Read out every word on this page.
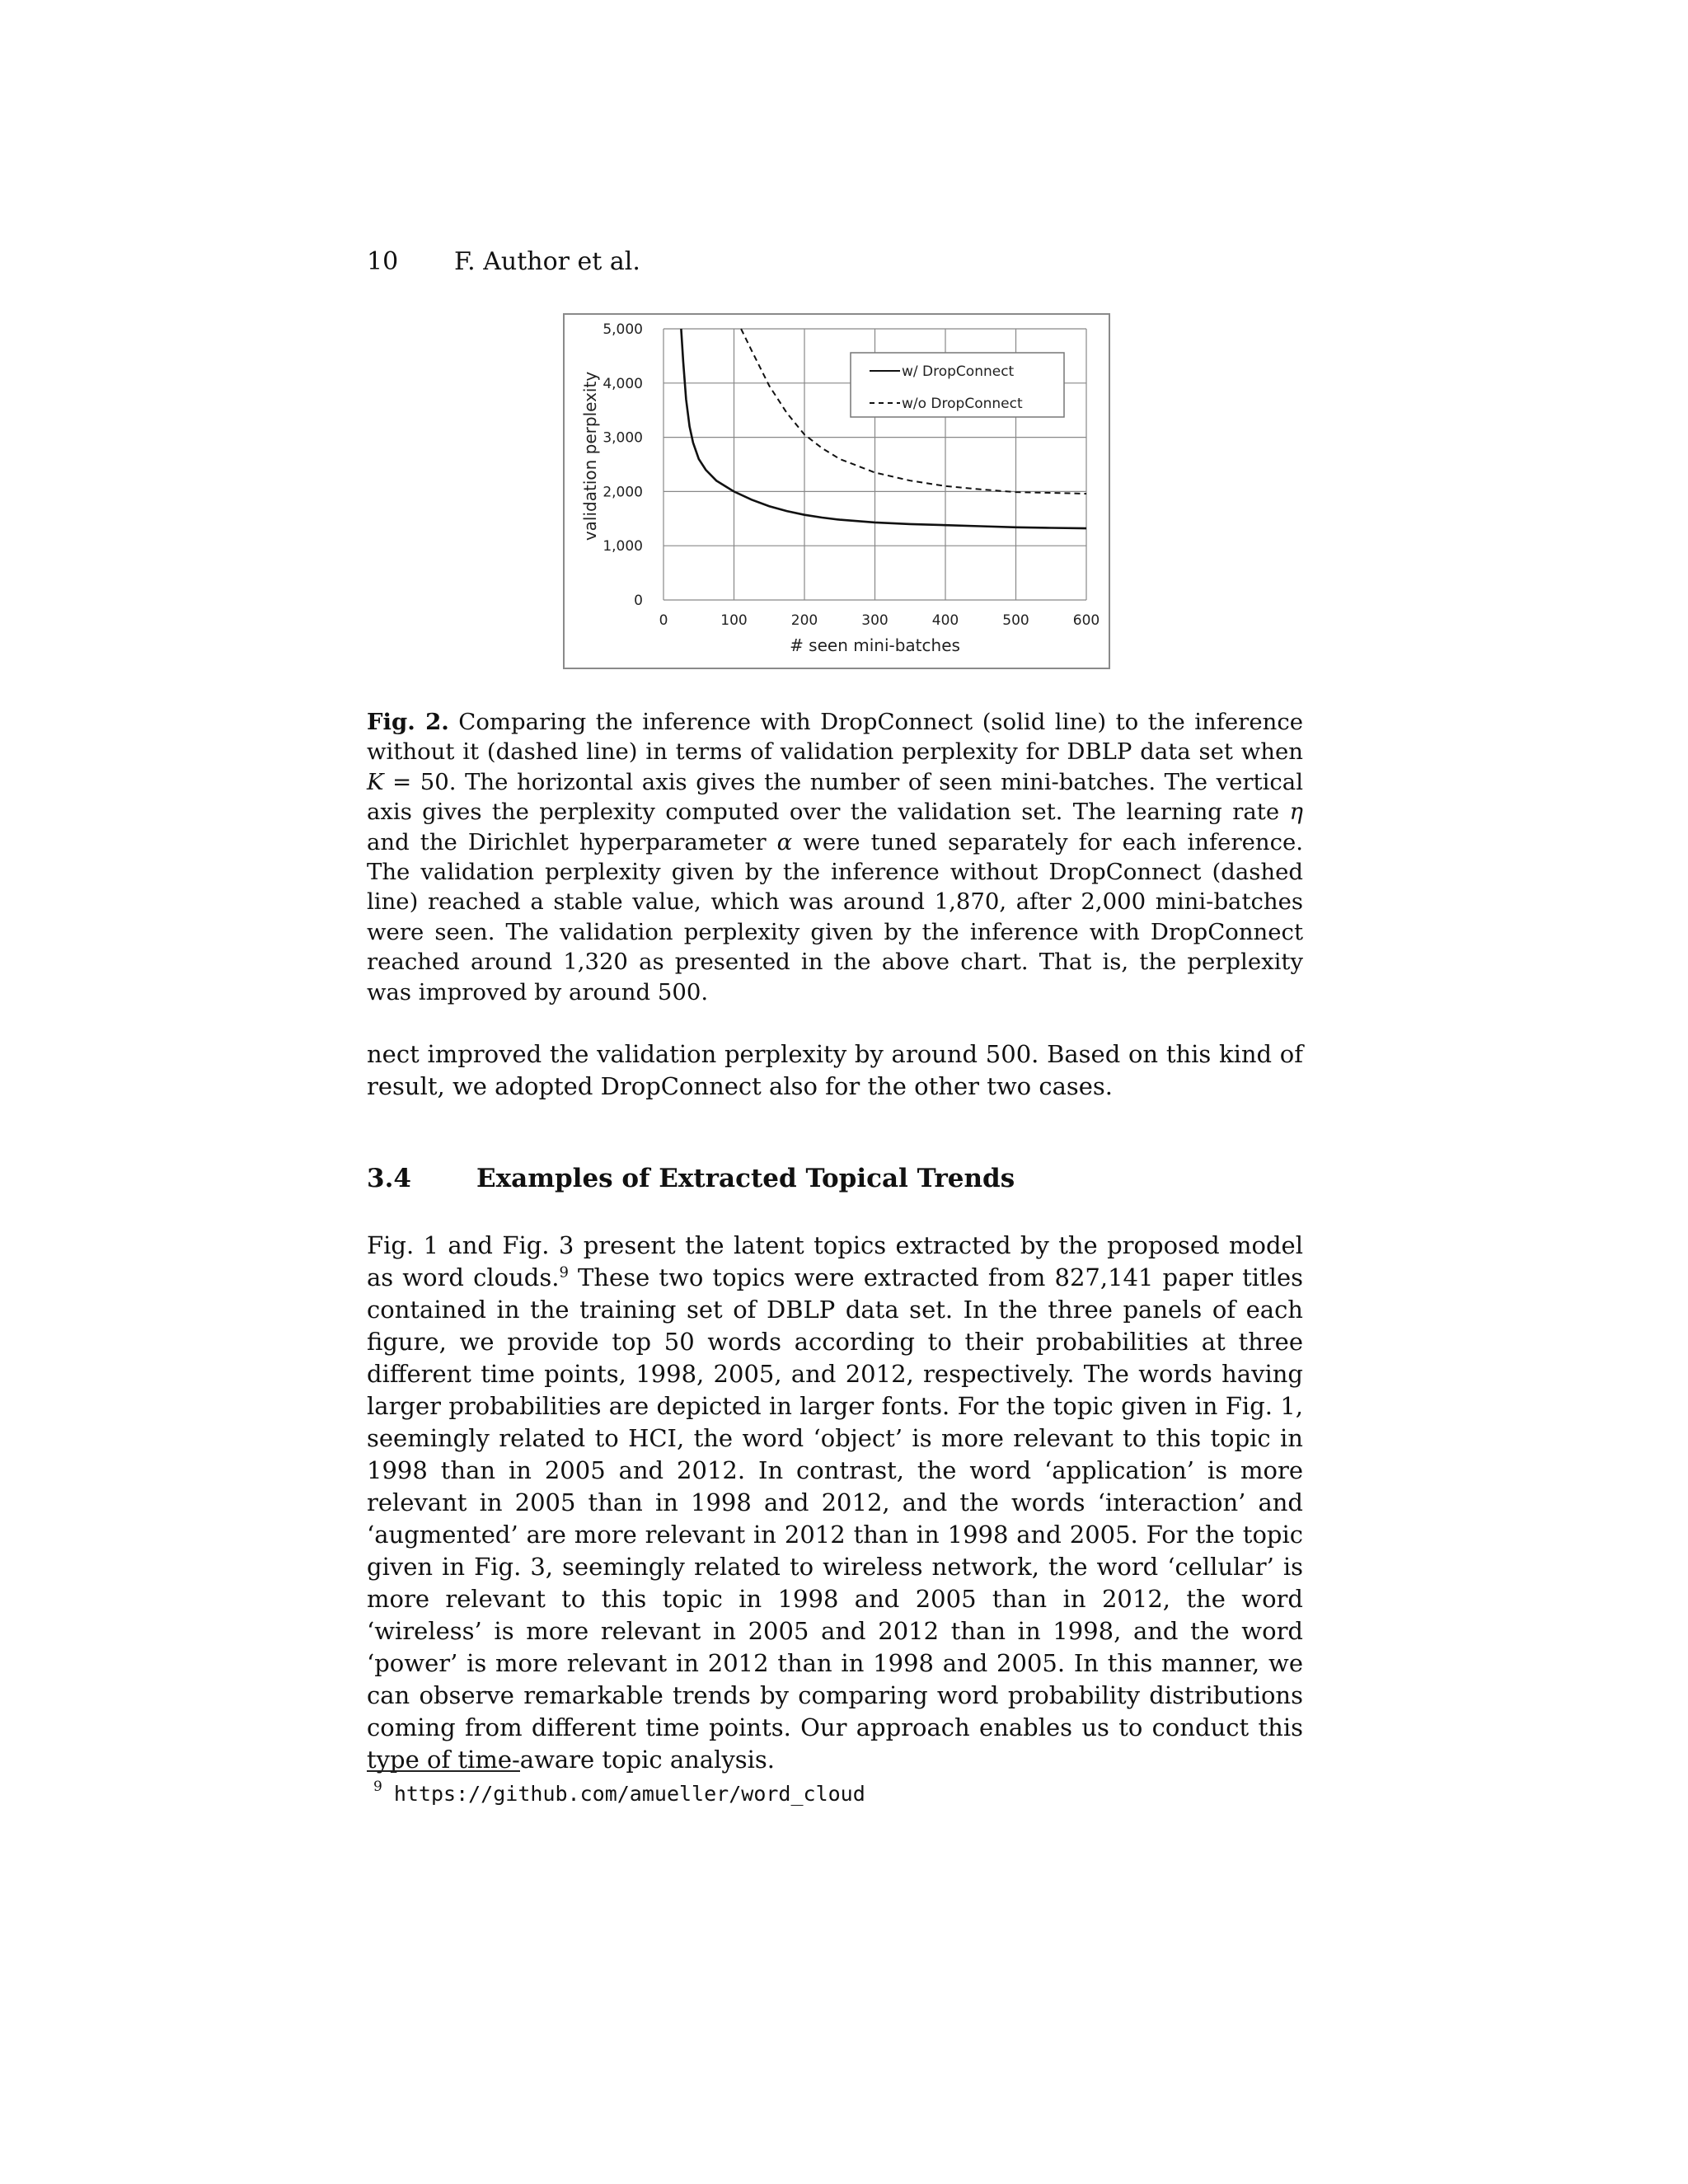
10 F. Author et al.
0
1,000
2,000
3,000
4,000
5,000
0	100	200	300	400	500	600
# seen mini-batches
validation perplexity	w/ DropConnect
w/o DropConnect
Fig. 2. Comparing the inference with DropConnect (solid line) to the inference without it (dashed line) in terms of validation perplexity for DBLP data set when K = 50. The horizontal axis gives the number of seen mini-batches. The vertical axis gives the perplexity computed over the validation set. The learning rate η and the Dirichlet hyperparameter α were tuned separately for each inference. The validation perplexity given by the inference without DropConnect (dashed line) reached a stable value, which was around 1,870, after 2,000 mini-batches were seen. The validation perplexity given by the inference with DropConnect reached around 1,320 as presented in the above chart. That is, the perplexity was improved by around 500.
nect improved the validation perplexity by around 500. Based on this kind of result, we adopted DropConnect also for the other two cases.
3.4	Examples of Extracted Topical Trends
Fig. 1 and Fig. 3 present the latent topics extracted by the proposed model as word clouds.$^9$ These two topics were extracted from 827,141 paper titles contained in the training set of DBLP data set. In the three panels of each figure, we provide top 50 words according to their probabilities at three different time points, 1998, 2005, and 2012, respectively. The words having larger probabilities are depicted in larger fonts. For the topic given in Fig. 1, seemingly related to HCI, the word ‘object’ is more relevant to this topic in 1998 than in 2005 and 2012. In contrast, the word ‘application’ is more relevant in 2005 than in 1998 and 2012, and the words ‘interaction’ and ‘augmented’ are more relevant in 2012 than in 1998 and 2005. For the topic given in Fig. 3, seemingly related to wireless network, the word ‘cellular’ is more relevant to this topic in 1998 and 2005 than in 2012, the word ‘wireless’ is more relevant in 2005 and 2012 than in 1998, and the word ‘power’ is more relevant in 2012 than in 1998 and 2005. In this manner, we can observe remarkable trends by comparing word probability distributions coming from different time points. Our approach enables us to conduct this type of time-aware topic analysis.
$^9$ https://github.com/amueller/word_cloud
